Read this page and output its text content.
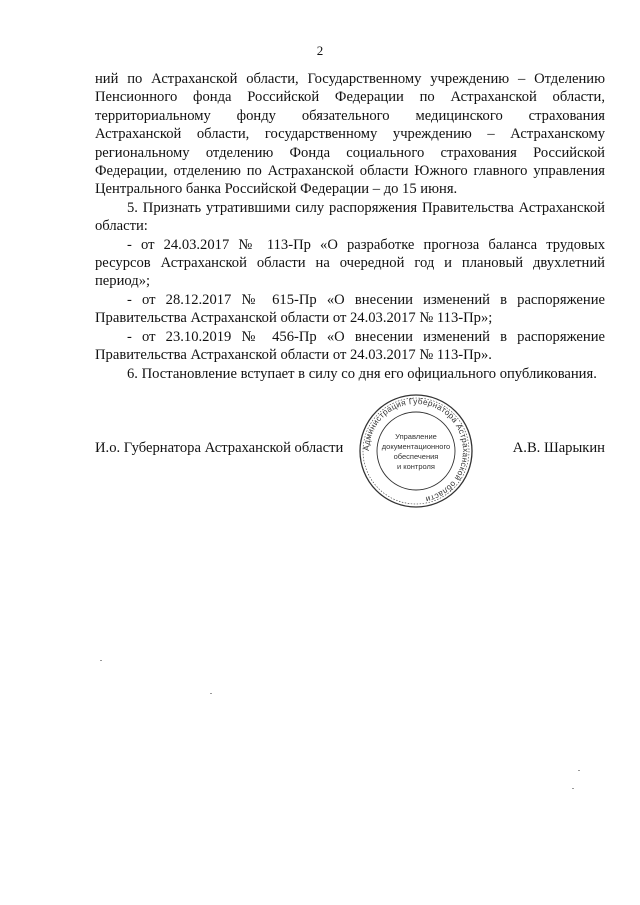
2

ний по Астраханской области, Государственному учреждению – Отделению Пенсионного фонда Российской Федерации по Астраханской области, территориальному фонду обязательного медицинского страхования Астраханской области, государственному учреждению – Астраханскому региональному отделению Фонда социального страхования Российской Федерации, отделению по Астраханской области Южного главного управления Центрального банка Российской Федерации – до 15 июня.

5. Признать утратившими силу распоряжения Правительства Астраханской области:

- от 24.03.2017 № 113-Пр «О разработке прогноза баланса трудовых ресурсов Астраханской области на очередной год и плановый двухлетний период»;

- от 28.12.2017 № 615-Пр «О внесении изменений в распоряжение Правительства Астраханской области от 24.03.2017 № 113-Пр»;

- от 23.10.2019 № 456-Пр «О внесении изменений в распоряжение Правительства Астраханской области от 24.03.2017 № 113-Пр».

6. Постановление вступает в силу со дня его официального опубликования.

И.о. Губернатора Астраханской области	А.В. Шарыкин
Администрация Губернатора Астраханской области
Управление
документационного
обеспечения
и контроля
